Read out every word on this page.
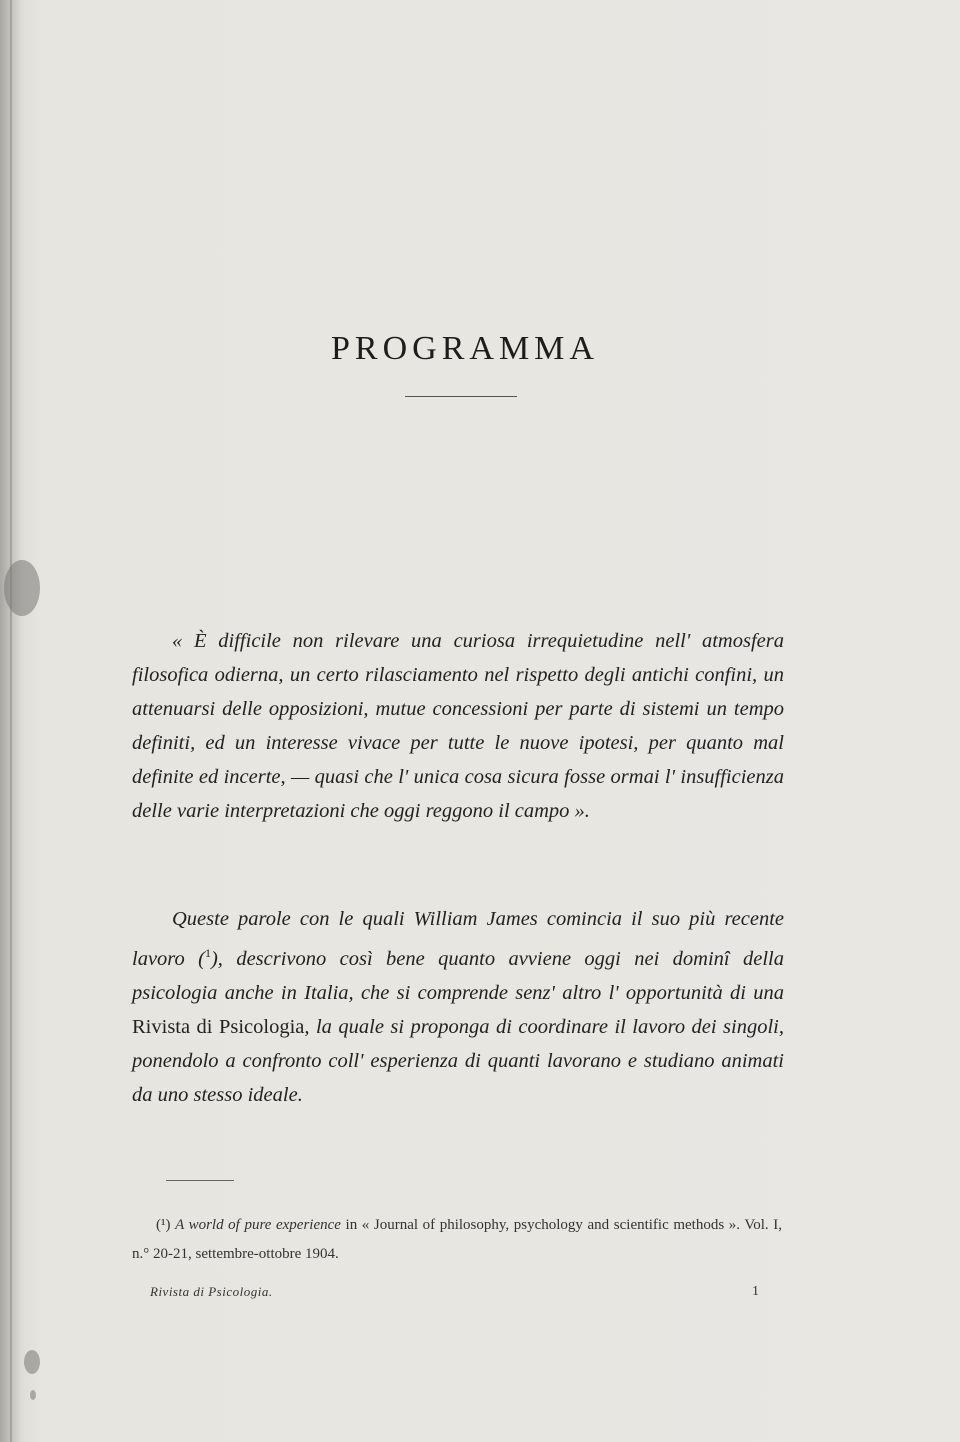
PROGRAMMA

« È difficile non rilevare una curiosa irrequietudine nell' atmosfera filosofica odierna, un certo rilasciamento nel rispetto degli antichi confini, un attenuarsi delle opposizioni, mutue concessioni per parte di sistemi un tempo definiti, ed un interesse vivace per tutte le nuove ipotesi, per quanto mal definite ed incerte, — quasi che l' unica cosa sicura fosse ormai l' insufficienza delle varie interpretazioni che oggi reggono il campo ».

Queste parole con le quali William James comincia il suo più recente lavoro ($^1$), descrivono così bene quanto avviene oggi nei dominî della psicologia anche in Italia, che si comprende senz' altro l' opportunità di una Rivista di Psicologia, la quale si proponga di coordinare il lavoro dei singoli, ponendolo a confronto coll' esperienza di quanti lavorano e studiano animati da uno stesso ideale.

(¹) A world of pure experience in « Journal of philosophy, psychology and scientific methods ». Vol. I, n.° 20-21, settembre-ottobre 1904.

Rivista di Psicologia.	1
